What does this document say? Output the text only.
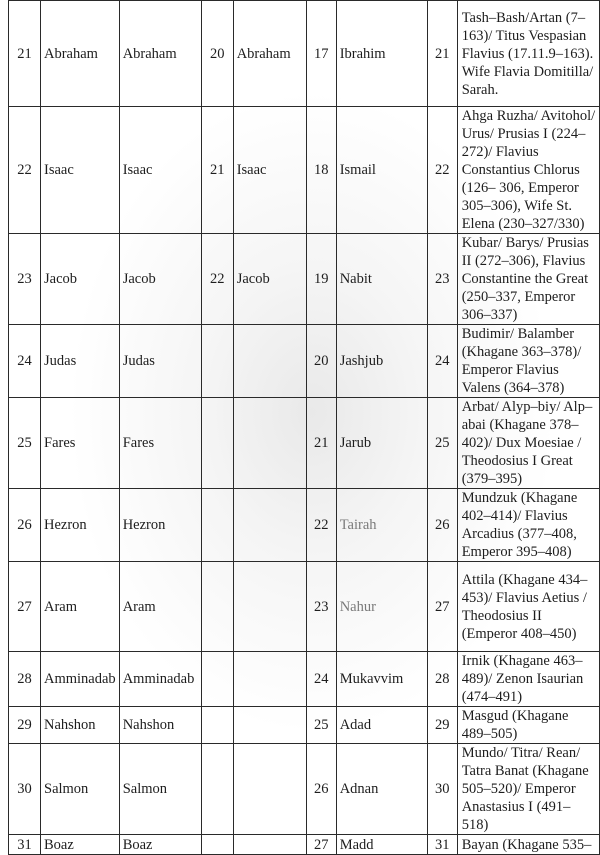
21	Abraham	Abraham	20	Abraham	17	Ibrahim	21	Tash–Bash/Artan (7–163)/ Titus Vespasian Flavius (17.11.9–163). Wife Flavia Domitilla/ Sarah.
22	Isaac	Isaac	21	Isaac	18	Ismail	22	Ahga Ruzha/ Avitohol/ Urus/ Prusias I (224–272)/ Flavius Constantius Chlorus (126– 306, Emperor 305–306), Wife St. Elena (230–327/330)
23	Jacob	Jacob	22	Jacob	19	Nabit	23	Kubar/ Barys/ Prusias II (272–306), Flavius Constantine the Great (250–337, Emperor 306–337)
24	Judas	Judas			20	Jashjub	24	Budimir/ Balamber (Khagane 363–378)/ Emperor Flavius Valens (364–378)
25	Fares	Fares			21	Jarub	25	Arbat/ Alyp–biy/ Alp–abai (Khagane 378–402)/ Dux Moesiae / Theodosius I Great (379–395)
26	Hezron	Hezron			22	Tairah	26	Mundzuk (Khagane 402–414)/ Flavius Arcadius (377–408, Emperor 395–408)
27	Aram	Aram			23	Nahur	27	Attila (Khagane 434–453)/ Flavius Aetius / Theodosius II (Emperor 408–450)
28	Amminadab	Amminadab			24	Mukavvim	28	Irnik (Khagane 463–489)/ Zenon Isaurian (474–491)
29	Nahshon	Nahshon			25	Adad	29	Masgud (Khagane 489–505)
30	Salmon	Salmon			26	Adnan	30	Mundo/ Titra/ Rean/ Tatra Banat (Khagane 505–520)/ Emperor Anastasius I (491–518)
31	Boaz	Boaz			27	Madd	31	Bayan (Khagane 535–
